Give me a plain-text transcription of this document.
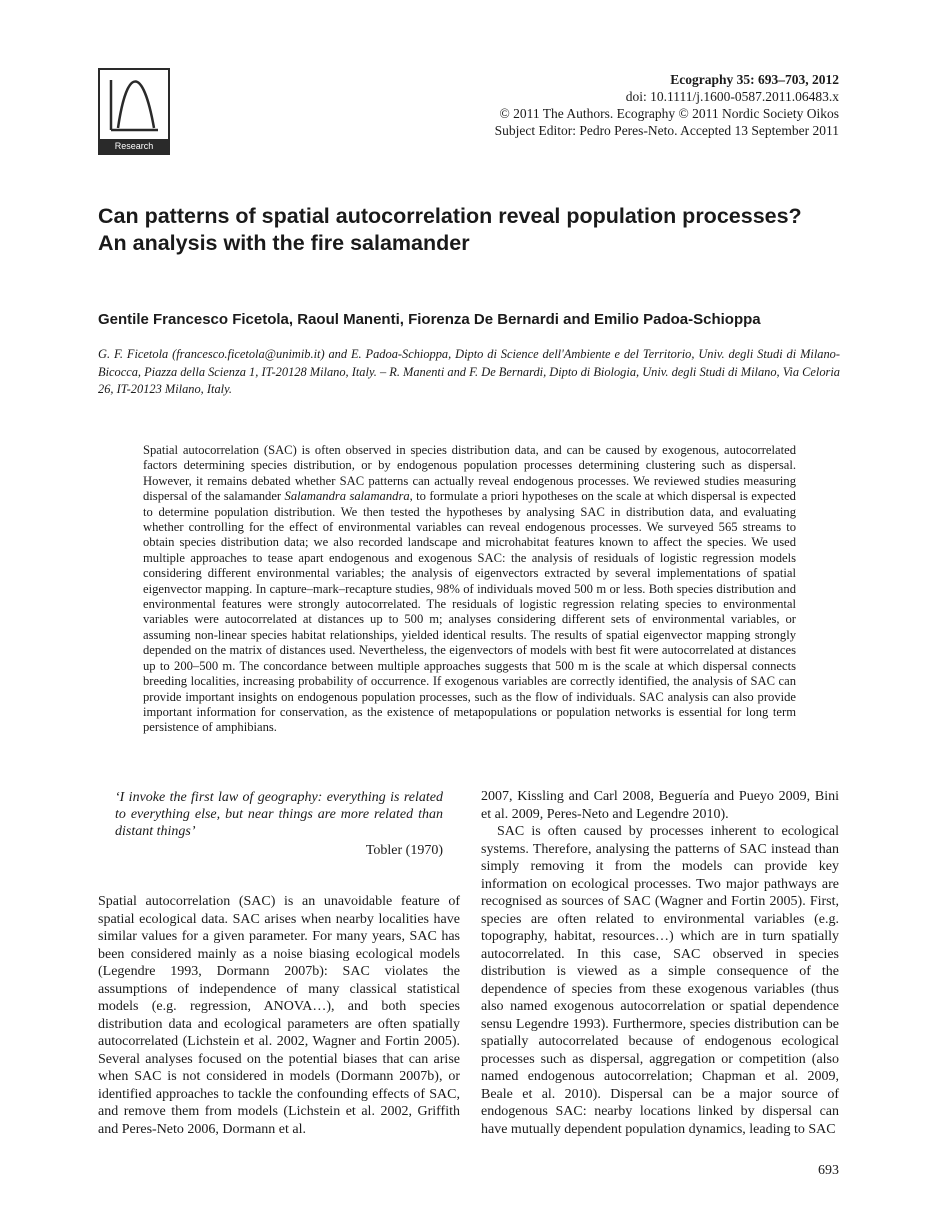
Research
Ecography 35: 693–703, 2012
doi: 10.1111/j.1600-0587.2011.06483.x
© 2011 The Authors. Ecography © 2011 Nordic Society Oikos
Subject Editor: Pedro Peres-Neto. Accepted 13 September 2011
Can patterns of spatial autocorrelation reveal population processes? An analysis with the fire salamander
Gentile Francesco Ficetola, Raoul Manenti, Fiorenza De Bernardi and Emilio Padoa-Schioppa
G. F. Ficetola (francesco.ficetola@unimib.it) and E. Padoa-Schioppa, Dipto di Science dell'Ambiente e del Territorio, Univ. degli Studi di Milano-Bicocca, Piazza della Scienza 1, IT-20128 Milano, Italy. – R. Manenti and F. De Bernardi, Dipto di Biologia, Univ. degli Studi di Milano, Via Celoria 26, IT-20123 Milano, Italy.
Spatial autocorrelation (SAC) is often observed in species distribution data, and can be caused by exogenous, autocorrelated factors determining species distribution, or by endogenous population processes determining clustering such as dispersal. However, it remains debated whether SAC patterns can actually reveal endogenous processes. We reviewed studies measuring dispersal of the salamander Salamandra salamandra, to formulate a priori hypotheses on the scale at which dispersal is expected to determine population distribution. We then tested the hypotheses by analysing SAC in distribution data, and evaluating whether controlling for the effect of environmental variables can reveal endogenous processes. We surveyed 565 streams to obtain species distribution data; we also recorded landscape and microhabitat features known to affect the species. We used multiple approaches to tease apart endogenous and exogenous SAC: the analysis of residuals of logistic regression models considering different environmental variables; the analysis of eigenvectors extracted by several implementations of spatial eigenvector mapping. In capture–mark–recapture studies, 98% of individuals moved 500 m or less. Both species distribution and environmental features were strongly autocorrelated. The residuals of logistic regression relating species to environmental variables were autocorrelated at distances up to 500 m; analyses considering different sets of environmental variables, or assuming non-linear species habitat relationships, yielded identical results. The results of spatial eigenvector mapping strongly depended on the matrix of distances used. Nevertheless, the eigenvectors of models with best fit were autocorrelated at distances up to 200–500 m. The concordance between multiple approaches suggests that 500 m is the scale at which dispersal connects breeding localities, increasing probability of occurrence. If exogenous variables are correctly identified, the analysis of SAC can provide important insights on endogenous population processes, such as the flow of individuals. SAC analysis can also provide important information for conservation, as the existence of metapopulations or population networks is essential for long term persistence of amphibians.
‘I invoke the first law of geography: everything is related to everything else, but near things are more related than distant things’
Tobler (1970)

Spatial autocorrelation (SAC) is an unavoidable feature of spatial ecological data. SAC arises when nearby localities have similar values for a given parameter. For many years, SAC has been considered mainly as a noise biasing ecological models (Legendre 1993, Dormann 2007b): SAC violates the assumptions of independence of many classical statistical models (e.g. regression, ANOVA…), and both species distribution data and ecological parameters are often spatially autocorrelated (Lichstein et al. 2002, Wagner and Fortin 2005). Several analyses focused on the potential biases that can arise when SAC is not considered in models (Dormann 2007b), or identified approaches to tackle the confounding effects of SAC, and remove them from models (Lichstein et al. 2002, Griffith and Peres-Neto 2006, Dormann et al.

2007, Kissling and Carl 2008, Beguería and Pueyo 2009, Bini et al. 2009, Peres-Neto and Legendre 2010).

SAC is often caused by processes inherent to ecological systems. Therefore, analysing the patterns of SAC instead than simply removing it from the models can provide key information on ecological processes. Two major pathways are recognised as sources of SAC (Wagner and Fortin 2005). First, species are often related to environmental variables (e.g. topography, habitat, resources…) which are in turn spatially autocorrelated. In this case, SAC observed in species distribution is viewed as a simple consequence of the dependence of species from these exogenous variables (thus also named exogenous autocorrelation or spatial dependence sensu Legendre 1993). Furthermore, species distribution can be spatially autocorrelated because of endogenous ecological processes such as dispersal, aggregation or competition (also named endogenous autocorrelation; Chapman et al. 2009, Beale et al. 2010). Dispersal can be a major source of endogenous SAC: nearby locations linked by dispersal can have mutually dependent population dynamics, leading to SAC

693
